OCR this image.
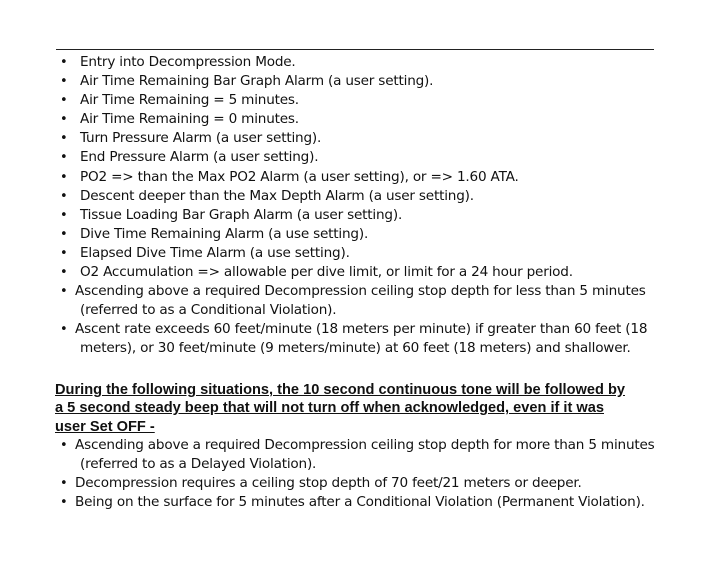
• Entry into Decompression Mode.
• Air Time Remaining Bar Graph Alarm (a user setting).
• Air Time Remaining = 5 minutes.
• Air Time Remaining = 0 minutes.
• Turn Pressure Alarm (a user setting).
• End Pressure Alarm (a user setting).
• PO2 => than the Max PO2 Alarm (a user setting), or => 1.60 ATA.
• Descent deeper than the Max Depth Alarm (a user setting).
• Tissue Loading Bar Graph Alarm (a user setting).
• Dive Time Remaining Alarm (a use setting).
• Elapsed Dive Time Alarm (a use setting).
• O2 Accumulation => allowable per dive limit, or limit for a 24 hour period.
• Ascending above a required Decompression ceiling stop depth for less than 5 minutes
(referred to as a Conditional Violation).
• Ascent rate exceeds 60 feet/minute (18 meters per minute) if greater than 60 feet (18
meters), or 30 feet/minute (9 meters/minute) at 60 feet (18 meters) and shallower.

During the following situations, the 10 second continuous tone will be followed by
a 5 second steady beep that will not turn off when acknowledged, even if it was
user Set OFF -

• Ascending above a required Decompression ceiling stop depth for more than 5 minutes
(referred to as a Delayed Violation).
• Decompression requires a ceiling stop depth of 70 feet/21 meters or deeper.
• Being on the surface for 5 minutes after a Conditional Violation (Permanent Violation).
